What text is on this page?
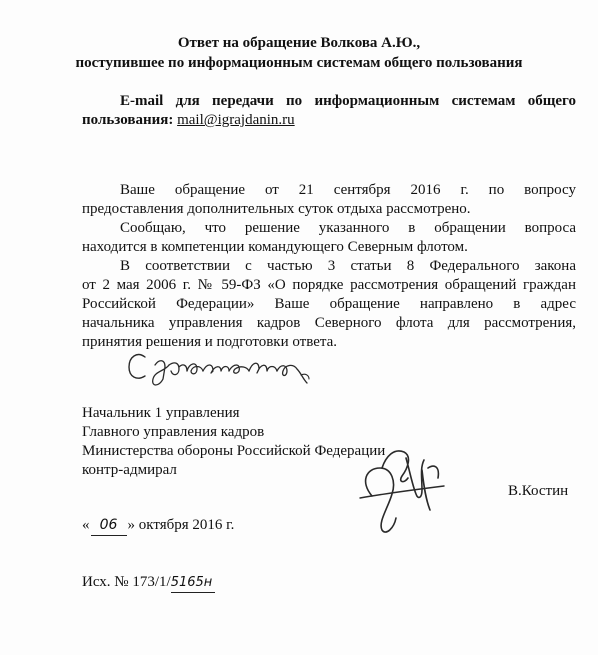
Ответ на обращение Волкова А.Ю.,
поступившее по информационным системам общего пользования
E-mail для передачи по информационным системам общего
пользования: mail@igrajdanin.ru
Ваше обращение от 21 сентября 2016 г. по вопросу
предоставления дополнительных суток отдыха рассмотрено.
Сообщаю, что решение указанного в обращении вопроса
находится в компетенции командующего Северным флотом.
В соответствии с частью 3 статьи 8 Федерального закона
от 2 мая 2006 г. № 59-ФЗ «О порядке рассмотрения обращений граждан
Российской Федерации» Ваше обращение направлено в адрес
начальника управления кадров Северного флота для рассмотрения,
принятия решения и подготовки ответа.
Начальник 1 управления
Главного управления кадров
Министерства обороны Российской Федерации
контр-адмирал
В.Костин
« 06 » октября 2016 г.
Исх. № 173/1/5165н
